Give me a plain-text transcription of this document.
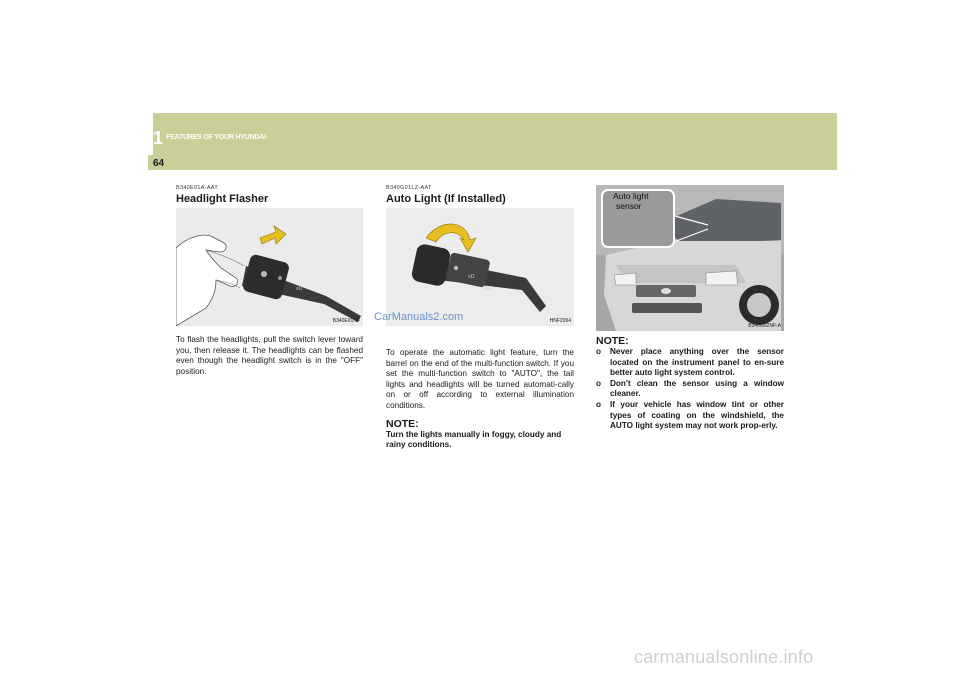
1 FEATURES OF YOUR HYUNDAI
64
B340E01A-AAT
Headlight Flasher
≡D
B340E01NF
To flash the headlights, pull the switch lever toward you, then release it. The headlights can be flashed even though the headlight switch is in the "OFF" position.
B340G01LZ-AAT
Auto Light (If Installed)
≡D
OFF
HNF2094
To operate the automatic light feature, turn the barrel on the end of the multi-function switch. If you set the multi-function switch to "AUTO", the tail lights and headlights will be turned automati-cally on or off according to external illumination conditions.
NOTE:
Turn the lights manually in foggy, cloudy and rainy conditions.
B340G02NF-A
NOTE:
o Never place anything over the sensor located on the instrument panel to en-sure better auto light system control.
o Don't clean the sensor using a window cleaner.
o If your vehicle has window tint or other types of coating on the windshield, the AUTO light system may not work prop-erly.
Auto light
sensor
CarManuals2.com
carmanualsonline.info
